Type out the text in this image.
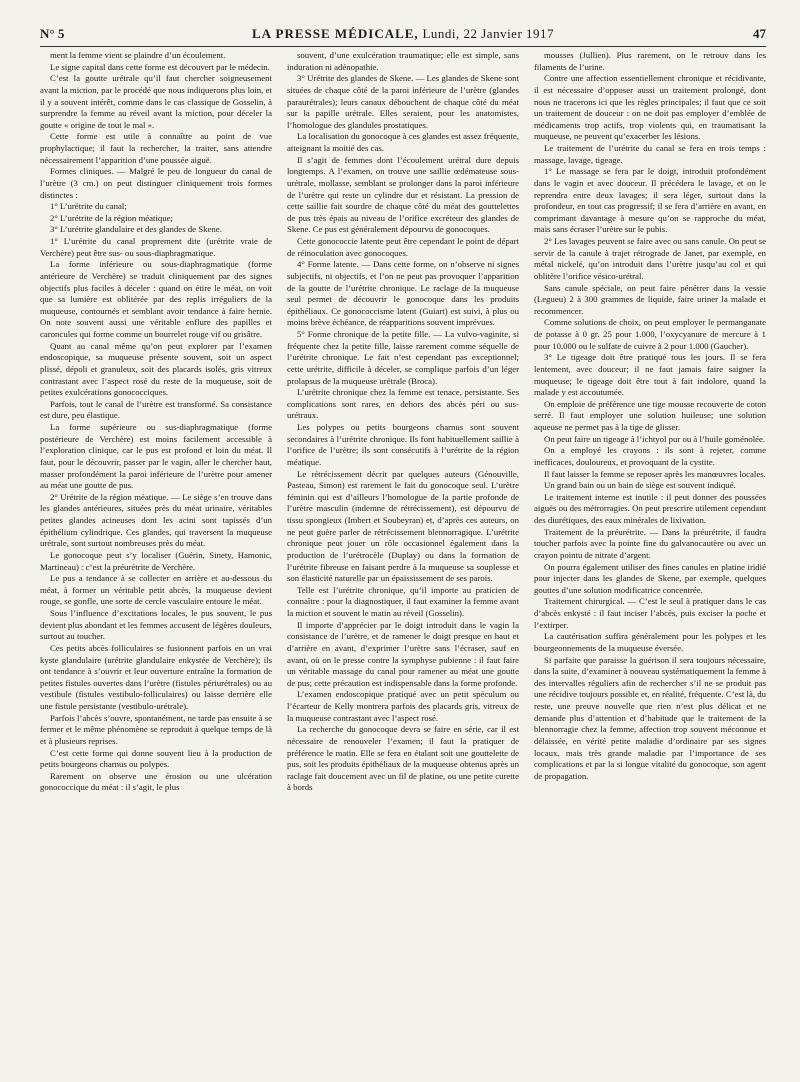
N° 5	LA PRESSE MÉDICALE, Lundi, 22 Janvier 1917	47

ment la femme vient se plaindre d’un écoulement.

Le signe capital dans cette forme est découvert par le médecin.

C’est la goutte urétrale qu’il faut chercher soigneusement avant la miction, par le procédé que nous indiquerons plus loin, et il y a souvent intérêt, comme dans le cas classique de Gosselin, à surprendre la femme au réveil avant la miction, pour déceler la goutte « origine de tout le mal ».

Cette forme est utile à connaître au point de vue prophylactique; il faut la rechercher, la traiter, sans attendre nécessairement l’apparition d’une poussée aiguë.

Formes cliniques. — Malgré le peu de longueur du canal de l’urètre (3 cm.) on peut distinguer cliniquement trois formes distinctes :

1° L’urétrite du canal;

2° L’urétrite de la région méatique;

3° L’urétrite glandulaire et des glandes de Skene.

1° L’urétrite du canal proprement dite (urétrite vraie de Verchère) peut être sus- ou sous-diaphragmatique.

La forme inférieure ou sous-diaphragmatique (forme antérieure de Verchère) se traduit cliniquement par des signes objectifs plus faciles à déceler : quand on étire le méat, on voit que sa lumière est oblitérée par des replis irréguliers de la muqueuse, contournés et semblant avoir tendance à faire hernie. On note souvent aussi une véritable enflure des papilles et caroncules qui forme comme un bourrelet rouge vif ou grisâtre.

Quant au canal même qu’on peut explorer par l’examen endoscopique, sa muqueuse présente souvent, soit un aspect plissé, dépoli et granuleux, soit des placards isolés, gris vitreux contrastant avec l’aspect rosé du reste de la muqueuse, soit de petites exulcérations gonococciques.

Parfois, tout le canal de l’urètre est transformé. Sa consistance est dure, peu élastique.

La forme supérieure ou sus-diaphragmatique (forme postérieure de Verchère) est moins facilement accessible à l’exploration clinique, car le pus est profond et loin du méat. Il faut, pour le découvrir, passer par le vagin, aller le chercher haut, masser profondément la paroi inférieure de l’urètre pour amener au méat une goutte de pus.

2° Urétrite de la région méatique. — Le siège s’en trouve dans les glandes antérieures, situées près du méat urinaire, véritables petites glandes acineuses dont les acini sont tapissés d’un épithélium cylindrique. Ces glandes, qui traversent la muqueuse urétrale, sont surtout nombreuses près du méat.

Le gonocoque peut s’y localiser (Guérin, Sinety, Hamonic, Martineau) : c’est la préurétrite de Verchère.

Le pus a tendance à se collecter en arrière et au-dessous du méat, à former un véritable petit abcès, la muqueuse devient rouge, se gonfle, une sorte de cercle vasculaire entoure le méat.

Sous l’influence d’excitations locales, le pus souvent, le pus devient plus abondant et les femmes accusent de légères douleurs, surtout au toucher.

Ces petits abcès folliculaires se fusionnent parfois en un vrai kyste glandulaire (urétrite glandulaire enkystée de Verchère); ils ont tendance à s’ouvrir et leur ouverture entraîne la formation de petites fistules ouvertes dans l’urètre (fistules périurétrales) ou au vestibule (fistules vestibulo-folliculaires) ou laisse derrière elle une fistule persistante (vestibulo-urétrale).

Parfois l’abcès s’ouvre, spontanément, ne tarde pas ensuite à se fermer et le même phénomène se reproduit à quelque temps de là et à plusieurs reprises.

C’est cette forme qui donne souvent lieu à la production de petits bourgeons charnus ou polypes.

Rarement on observe une érosion ou une ulcération gonococcique du méat : il s’agit, le plus

souvent, d’une exulcération traumatique; elle est simple, sans induration ni adénopathie.

3° Urétrite des glandes de Skene. — Les glandes de Skene sont situées de chaque côté de la paroi inférieure de l’urètre (glandes paraurétrales); leurs canaux débouchent de chaque côté du méat sur la papille urétrale. Elles seraient, pour les anatomistes, l’homologue des glandules prostatiques.

La localisation du gonocoque à ces glandes est assez fréquente, atteignant la moitié des cas.

Il s’agit de femmes dont l’écoulement urétral dure depuis longtemps. A l’examen, on trouve une saillie œdémateuse sous-urétrale, mollasse, semblant se prolonger dans la paroi inférieure de l’urètre qui reste un cylindre dur et résistant. La pression de cette saillie fait sourdre de chaque côté du méat des gouttelettes de pus très épais au niveau de l’orifice excréteur des glandes de Skene. Ce pus est généralement dépourvu de gonocoques.

Cette gonococcie latente peut être cependant le point de départ de réinoculation avec gonocoques.

4° Forme latente. — Dans cette forme, on n’observe ni signes subjectifs, ni objectifs, et l’on ne peut pas provoquer l’apparition de la goutte de l’urétrite chronique. Le raclage de la muqueuse seul permet de découvrir le gonocoque dans les produits épithéliaux. Ce gonococcisme latent (Guiart) est suivi, à plus ou moins brève échéance, de réapparitions souvent imprévues.

5° Forme chronique de la petite fille. — La vulvo-vaginite, si fréquente chez la petite fille, laisse rarement comme séquelle de l’urétrite chronique. Le fait n’est cependant pas exceptionnel; cette urétrite, difficile à déceler, se complique parfois d’un léger prolapsus de la muqueuse urétrale (Broca).

L’urétrite chronique chez la femme est tenace, persistante. Ses complications sont rares, en dehors des abcès péri ou sus-urétraux.

Les polypes ou petits bourgeons charnus sont souvent secondaires à l’urétrite chronique. Ils font habituellement saillie à l’orifice de l’urètre; ils sont consécutifs à l’urétrite de la région méatique.

Le rétrécissement décrit par quelques auteurs (Génouville, Pasteau, Simon) est rarement le fait du gonocoque seul. L’urètre féminin qui est d’ailleurs l’homologue de la partie profonde de l’urètre masculin (indemne de rétrécissement), est dépourvu de tissu spongieux (Imbert et Soubeyran) et, d’après ces auteurs, on ne peut guère parler de rétrécissement blennorragique. L’urétrite chronique peut jouer un rôle occasionnel également dans la production de l’urétrocèle (Duplay) ou dans la formation de l’urétrite fibreuse en faisant perdre à la muqueuse sa souplesse et son élasticité naturelle par un épaississement de ses parois.

Telle est l’urétrite chronique, qu’il importe au praticien de connaître : pour la diagnostiquer, il faut examiner la femme avant la miction et souvent le matin au réveil (Gosselin).

Il importe d’apprécier par le doigt introduit dans le vagin la consistance de l’urètre, et de ramener le doigt presque en haut et d’arrière en avant, d’exprimer l’urètre sans l’écraser, sauf en avant, où on le presse contre la symphyse pubienne : il faut faire un véritable massage du canal pour ramener au méat une goutte de pus; cette précaution est indispensable dans la forme profonde.

L’examen endoscopique pratiqué avec un petit spéculum ou l’écarteur de Kelly montrera parfois des placards gris, vitreux de la muqueuse contrastant avec l’aspect rosé.

La recherche du gonocoque devra se faire en série, car il est nécessaire de renouveler l’examen; il faut la pratiquer de préférence le matin. Elle se fera en étalant soit une gouttelette de pus, soit les produits épithéliaux de la muqueuse obtenus après un raclage fait doucement avec un fil de platine, ou une petite curette à bords

mousses (Jullien). Plus rarement, on le retrouv dans les filaments de l’urine.

Contre une affection essentiellement chronique et récidivante, il est nécessaire d’opposer aussi un traitement prolongé, dont nous ne tracerons ici que les règles principales; il faut que ce soit un traitement de douceur : on ne doit pas employer d’emblée de médicaments trop actifs, trop violents qui, en traumatisant la muqueuse, ne peuvent qu’exacerber les lésions.

Le traitement de l’urétrite du canal se fera en trois temps : massage, lavage, tigeage.

1° Le massage se fera par le doigt, introduit profondément dans le vagin et avec douceur. Il précédera le lavage, et on le reprendra entre deux lavages; il sera léger, surtout dans la profondeur, en tout cas progressif; il se fera d’arrière en avant, en comprimant davantage à mesure qu’on se rapproche du méat, mais sans écraser l’urètre sur le pubis.

2° Les lavages peuvent se faire avec ou sans canule. On peut se servir de la canule à trajet rétrograde de Janet, par exemple, en métal nickelé, qu’on introduit dans l’urètre jusqu’au col et qui oblitère l’orifice vésico-urétral.

Sans canule spéciale, on peut faire pénétrer dans la vessie (Legueu) 2 à 300 grammes de liquide, faire uriner la malade et recommencer.

Comme solutions de choix, on peut employer le permanganate de potasse à 0 gr. 25 pour 1.000, l’oxycyanure de mercure à 1 pour 10.000 ou le sulfate de cuivre à 2 pour 1.000 (Gaucher).

3° Le tigeage doit être pratiqué tous les jours. Il se fera lentement, avec douceur; il ne faut jamais faire saigner la muqueuse; le tigeage doit être tout à fait indolore, quand la malade y est accoutumée.

On emploie de préférence une tige mousse recouverte de coton serré. Il faut employer une solution huileuse; une solution aqueuse ne permet pas à la tige de glisser.

On peut faire un tigeage à l’ichtyol pur ou à l’huile goménolée.

On a employé les crayons : ils sont à rejeter, comme inefficaces, douloureux, et provoquant de la cystite.

Il faut laisser la femme se reposer après les manœuvres locales.

Un grand bain ou un bain de siège est souvent indiqué.

Le traitement interne est inutile : il peut donner des poussées aiguës ou des métrorragies. On peut prescrire utilement cependant des diurétiques, des eaux minérales de lixivation.

Traitement de la préurétrite. — Dans la préurétrite, il faudra toucher parfois avec la pointe fine du galvanocautère ou avec un crayon pointu de nitrate d’argent.

On pourra également utiliser des fines canules en platine iridié pour injecter dans les glandes de Skene, par exemple, quelques gouttes d’une solution modificatrice concentrée.

Traitement chirurgical. — C’est le seul à pratiquer dans le cas d’abcès enkysté : il faut inciser l’abcès, puis exciser la poche et l’extirper.

La cautérisation suffira généralement pour les polypes et les bourgeonnements de la muqueuse éversée.

Si parfaite que paraisse la guérison il sera toujours nécessaire, dans la suite, d’examiner à nouveau systématiquement la femme à des intervalles réguliers afin de rechercher s’il ne se produit pas une récidive toujours possible et, en réalité, fréquente. C’est là, du reste, une preuve nouvelle que rien n’est plus délicat et ne demande plus d’attention et d’habitude que le traitement de la blennorragie chez la femme, affection trop souvent méconnue et délaissée, en vérité petite maladie d’ordinaire par ses signes locaux, mais très grande maladie par l’importance de ses complications et par la si longue vitalité du gonocoque, son agent de propagation.
